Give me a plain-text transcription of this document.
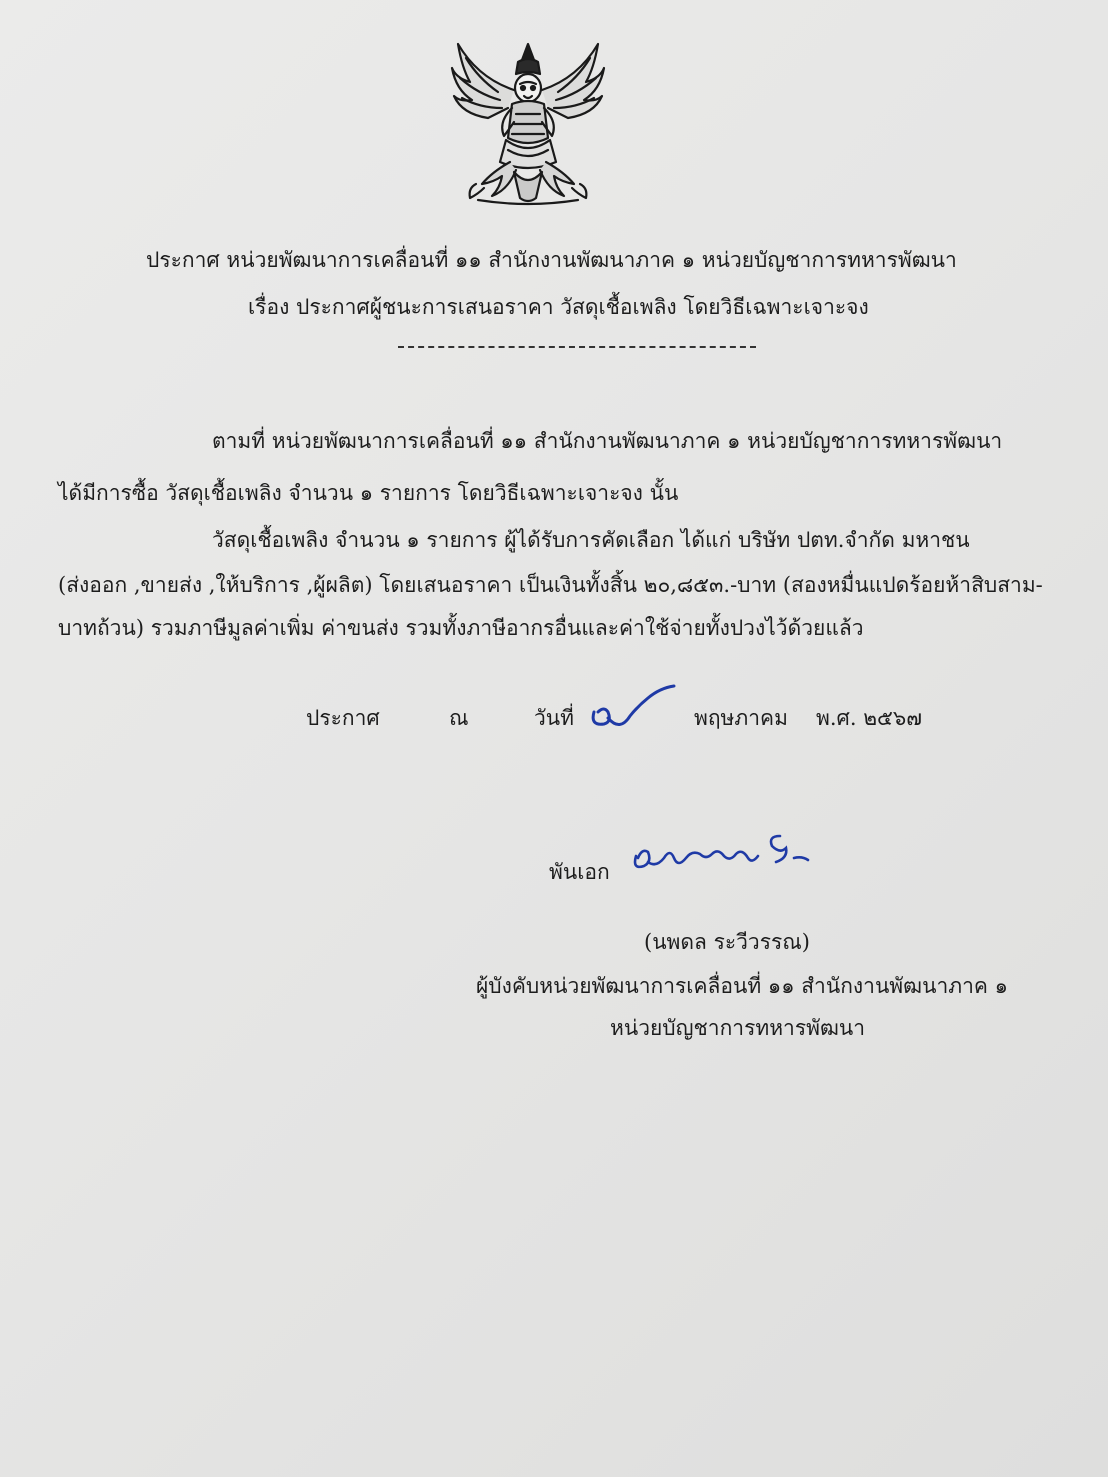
ประกาศ หน่วยพัฒนาการเคลื่อนที่ ๑๑ สำนักงานพัฒนาภาค ๑ หน่วยบัญชาการทหารพัฒนา
เรื่อง ประกาศผู้ชนะการเสนอราคา วัสดุเชื้อเพลิง โดยวิธีเฉพาะเจาะจง
ตามที่ หน่วยพัฒนาการเคลื่อนที่ ๑๑ สำนักงานพัฒนาภาค ๑ หน่วยบัญชาการทหารพัฒนา
ได้มีการซื้อ วัสดุเชื้อเพลิง จำนวน ๑ รายการ โดยวิธีเฉพาะเจาะจง นั้น
วัสดุเชื้อเพลิง จำนวน ๑ รายการ ผู้ได้รับการคัดเลือก ได้แก่ บริษัท ปตท.จำกัด มหาชน
(ส่งออก ,ขายส่ง ,ให้บริการ ,ผู้ผลิต) โดยเสนอราคา เป็นเงินทั้งสิ้น ๒๐,๘๕๓.-บาท (สองหมื่นแปดร้อยห้าสิบสาม-
บาทถ้วน) รวมภาษีมูลค่าเพิ่ม ค่าขนส่ง รวมทั้งภาษีอากรอื่นและค่าใช้จ่ายทั้งปวงไว้ด้วยแล้ว
ประกาศ	ณ	วันที่	พฤษภาคม พ.ศ. ๒๕๖๗
พันเอก
(นพดล ระวีวรรณ)
ผู้บังคับหน่วยพัฒนาการเคลื่อนที่ ๑๑ สำนักงานพัฒนาภาค ๑
หน่วยบัญชาการทหารพัฒนา
